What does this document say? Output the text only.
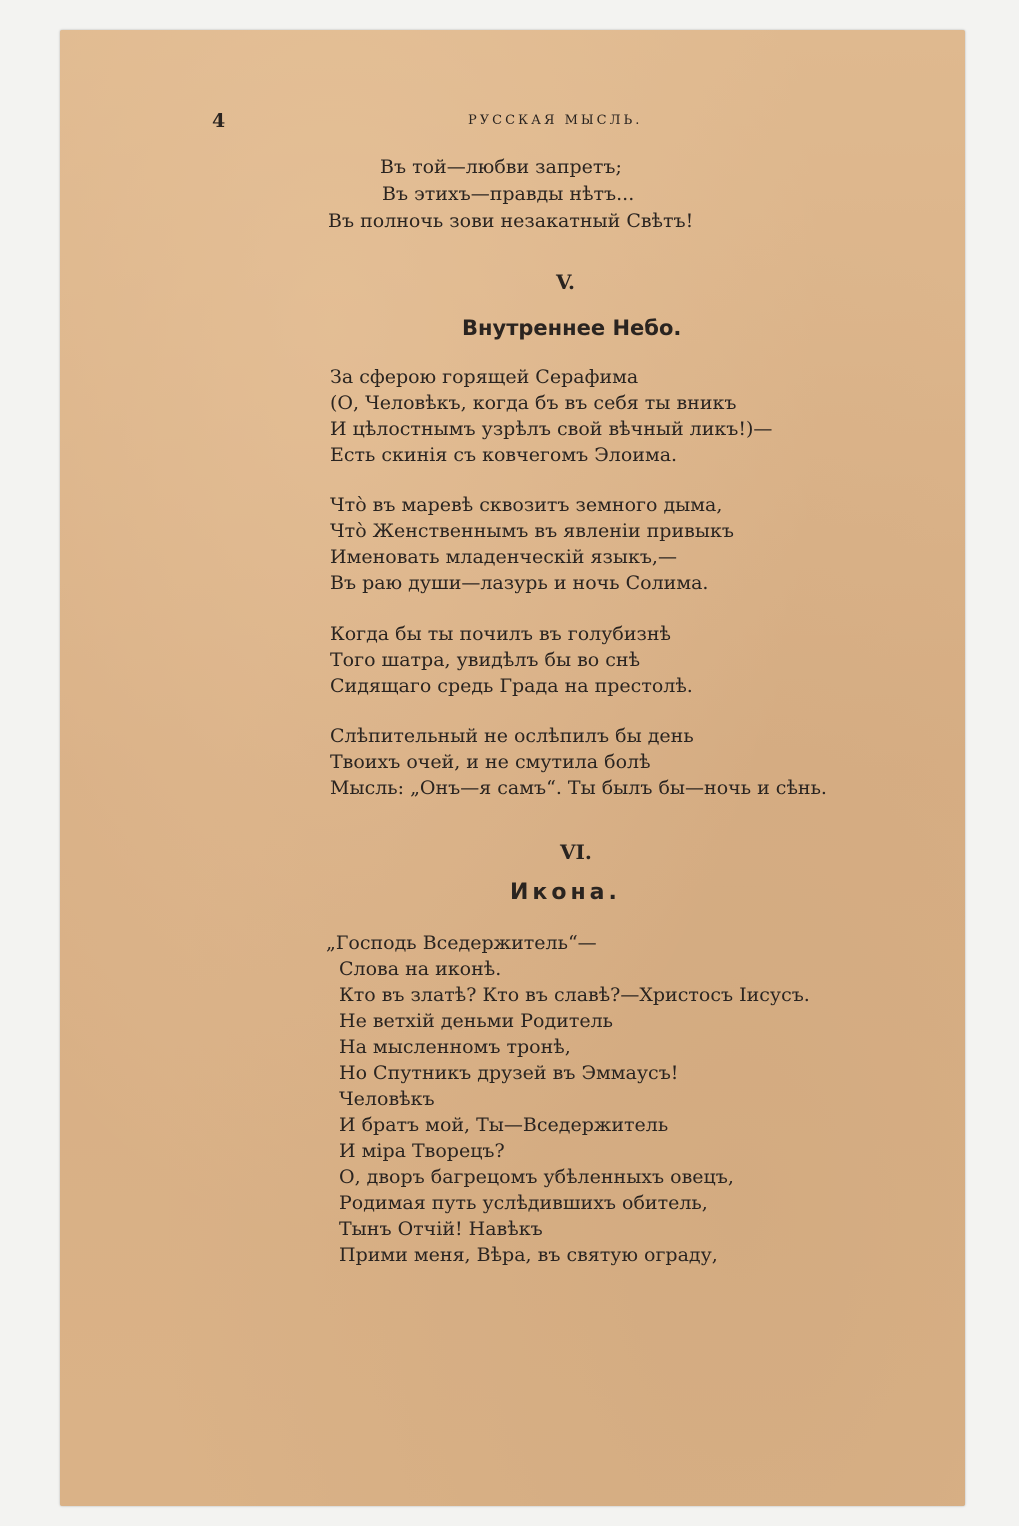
4	РУССКАЯ МЫСЛЬ.
Въ той—любви запретъ;
Въ этихъ—правды нѣтъ...
Въ полночь зови незакатный Свѣтъ!
V.
Внутреннее Небо.
За сферою горящей Серафима
(О, Человѣкъ, когда бъ въ себя ты вникъ
И цѣлостнымъ узрѣлъ свой вѣчный ликъ!)—
Есть скинія съ ковчегомъ Элоима.
Что̀ въ маревѣ сквозитъ земного дыма,
Что̀ Женственнымъ въ явленіи привыкъ
Именовать младенческій языкъ,—
Въ раю души—лазурь и ночь Солима.
Когда бы ты почилъ въ голубизнѣ
Того шатра, увидѣлъ бы во снѣ
Сидящаго средь Града на престолѣ.
Слѣпительный не ослѣпилъ бы день
Твоихъ очей, и не смутила болѣ
Мысль: „Онъ—я самъ“. Ты былъ бы—ночь и сѣнь.
VI.
Икона.
„Господь Вседержитель“—
Слова на иконѣ.
Кто въ златѣ? Кто въ славѣ?—Христосъ Іисусъ.
Не ветхій деньми Родитель
На мысленномъ тронѣ,
Но Спутникъ друзей въ Эммаусъ!
Человѣкъ
И братъ мой, Ты—Вседержитель
И міра Творецъ?
О, дворъ багрецомъ убѣленныхъ овецъ,
Родимая путь услѣдившихъ обитель,
Тынъ Отчій! Навѣкъ
Прими меня, Вѣра, въ святую ограду,
